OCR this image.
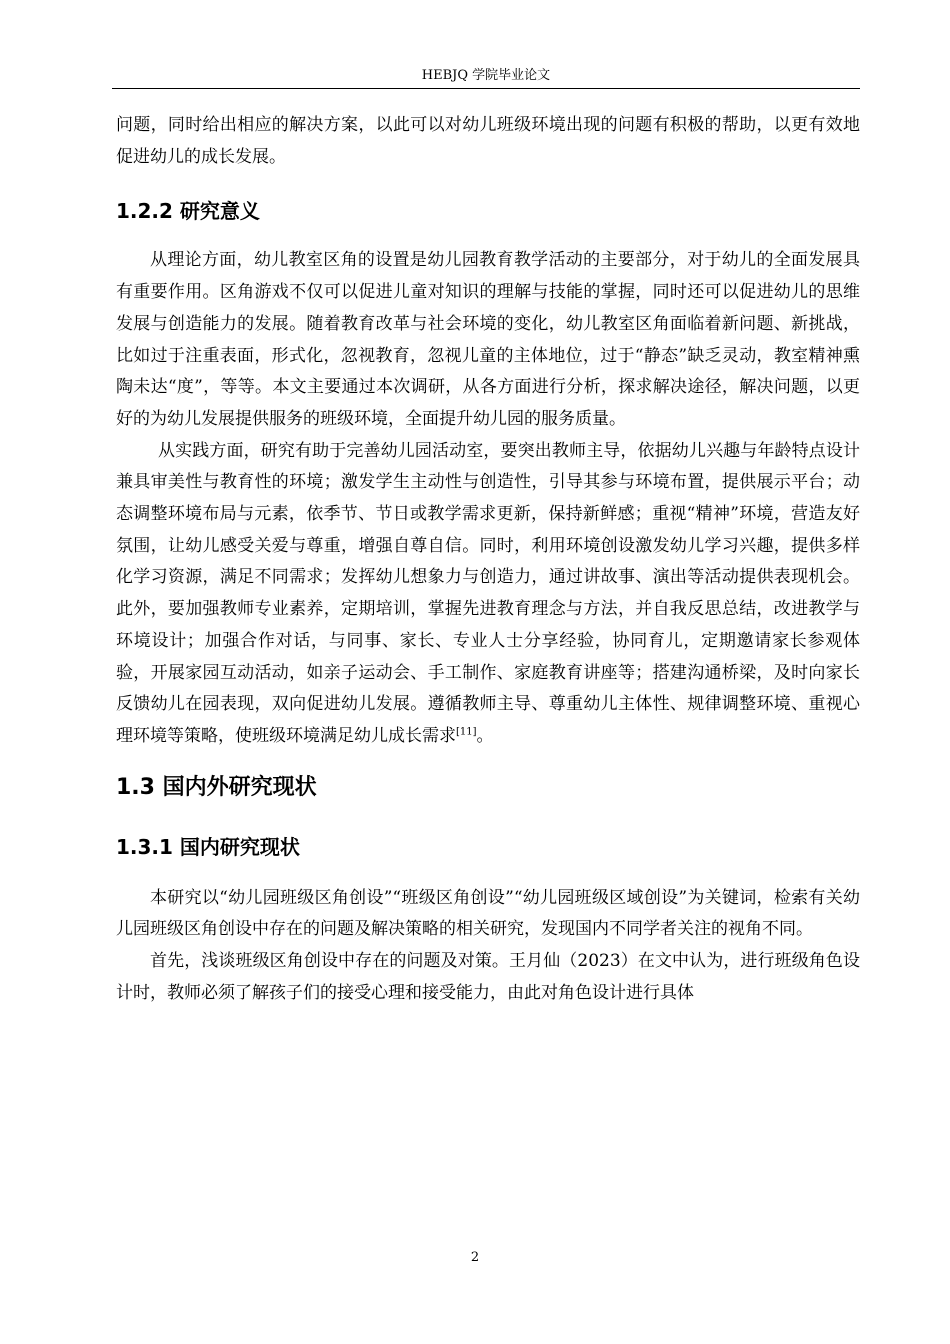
HEBJQ 学院毕业论文

问题，同时给出相应的解决方案，以此可以对幼儿班级环境出现的问题有积极的帮助，以更有效地促进幼儿的成长发展。

1.2.2 研究意义

从理论方面，幼儿教室区角的设置是幼儿园教育教学活动的主要部分，对于幼儿的全面发展具有重要作用。区角游戏不仅可以促进儿童对知识的理解与技能的掌握，同时还可以促进幼儿的思维发展与创造能力的发展。随着教育改革与社会环境的变化，幼儿教室区角面临着新问题、新挑战，比如过于注重表面，形式化，忽视教育，忽视儿童的主体地位，过于“静态”缺乏灵动，教室精神熏陶未达“度”，等等。本文主要通过本次调研，从各方面进行分析，探求解决途径，解决问题，以更好的为幼儿发展提供服务的班级环境，全面提升幼儿园的服务质量。

从实践方面，研究有助于完善幼儿园活动室，要突出教师主导，依据幼儿兴趣与年龄特点设计兼具审美性与教育性的环境；激发学生主动性与创造性，引导其参与环境布置，提供展示平台；动态调整环境布局与元素，依季节、节日或教学需求更新，保持新鲜感；重视“精神”环境，营造友好氛围，让幼儿感受关爱与尊重，增强自尊自信。同时，利用环境创设激发幼儿学习兴趣，提供多样化学习资源，满足不同需求；发挥幼儿想象力与创造力，通过讲故事、演出等活动提供表现机会。此外，要加强教师专业素养，定期培训，掌握先进教育理念与方法，并自我反思总结，改进教学与环境设计；加强合作对话，与同事、家长、专业人士分享经验，协同育儿，定期邀请家长参观体验，开展家园互动活动，如亲子运动会、手工制作、家庭教育讲座等；搭建沟通桥梁，及时向家长反馈幼儿在园表现，双向促进幼儿发展。遵循教师主导、尊重幼儿主体性、规律调整环境、重视心理环境等策略，使班级环境满足幼儿成长需求[11]。

1.3 国内外研究现状
1.3.1 国内研究现状

本研究以“幼儿园班级区角创设”“班级区角创设”“幼儿园班级区域创设”为关键词，检索有关幼儿园班级区角创设中存在的问题及解决策略的相关研究，发现国内不同学者关注的视角不同。

首先，浅谈班级区角创设中存在的问题及对策。王月仙（2023）在文中认为，进行班级角色设计时，教师必须了解孩子们的接受心理和接受能力，由此对角色设计进行具体

2
